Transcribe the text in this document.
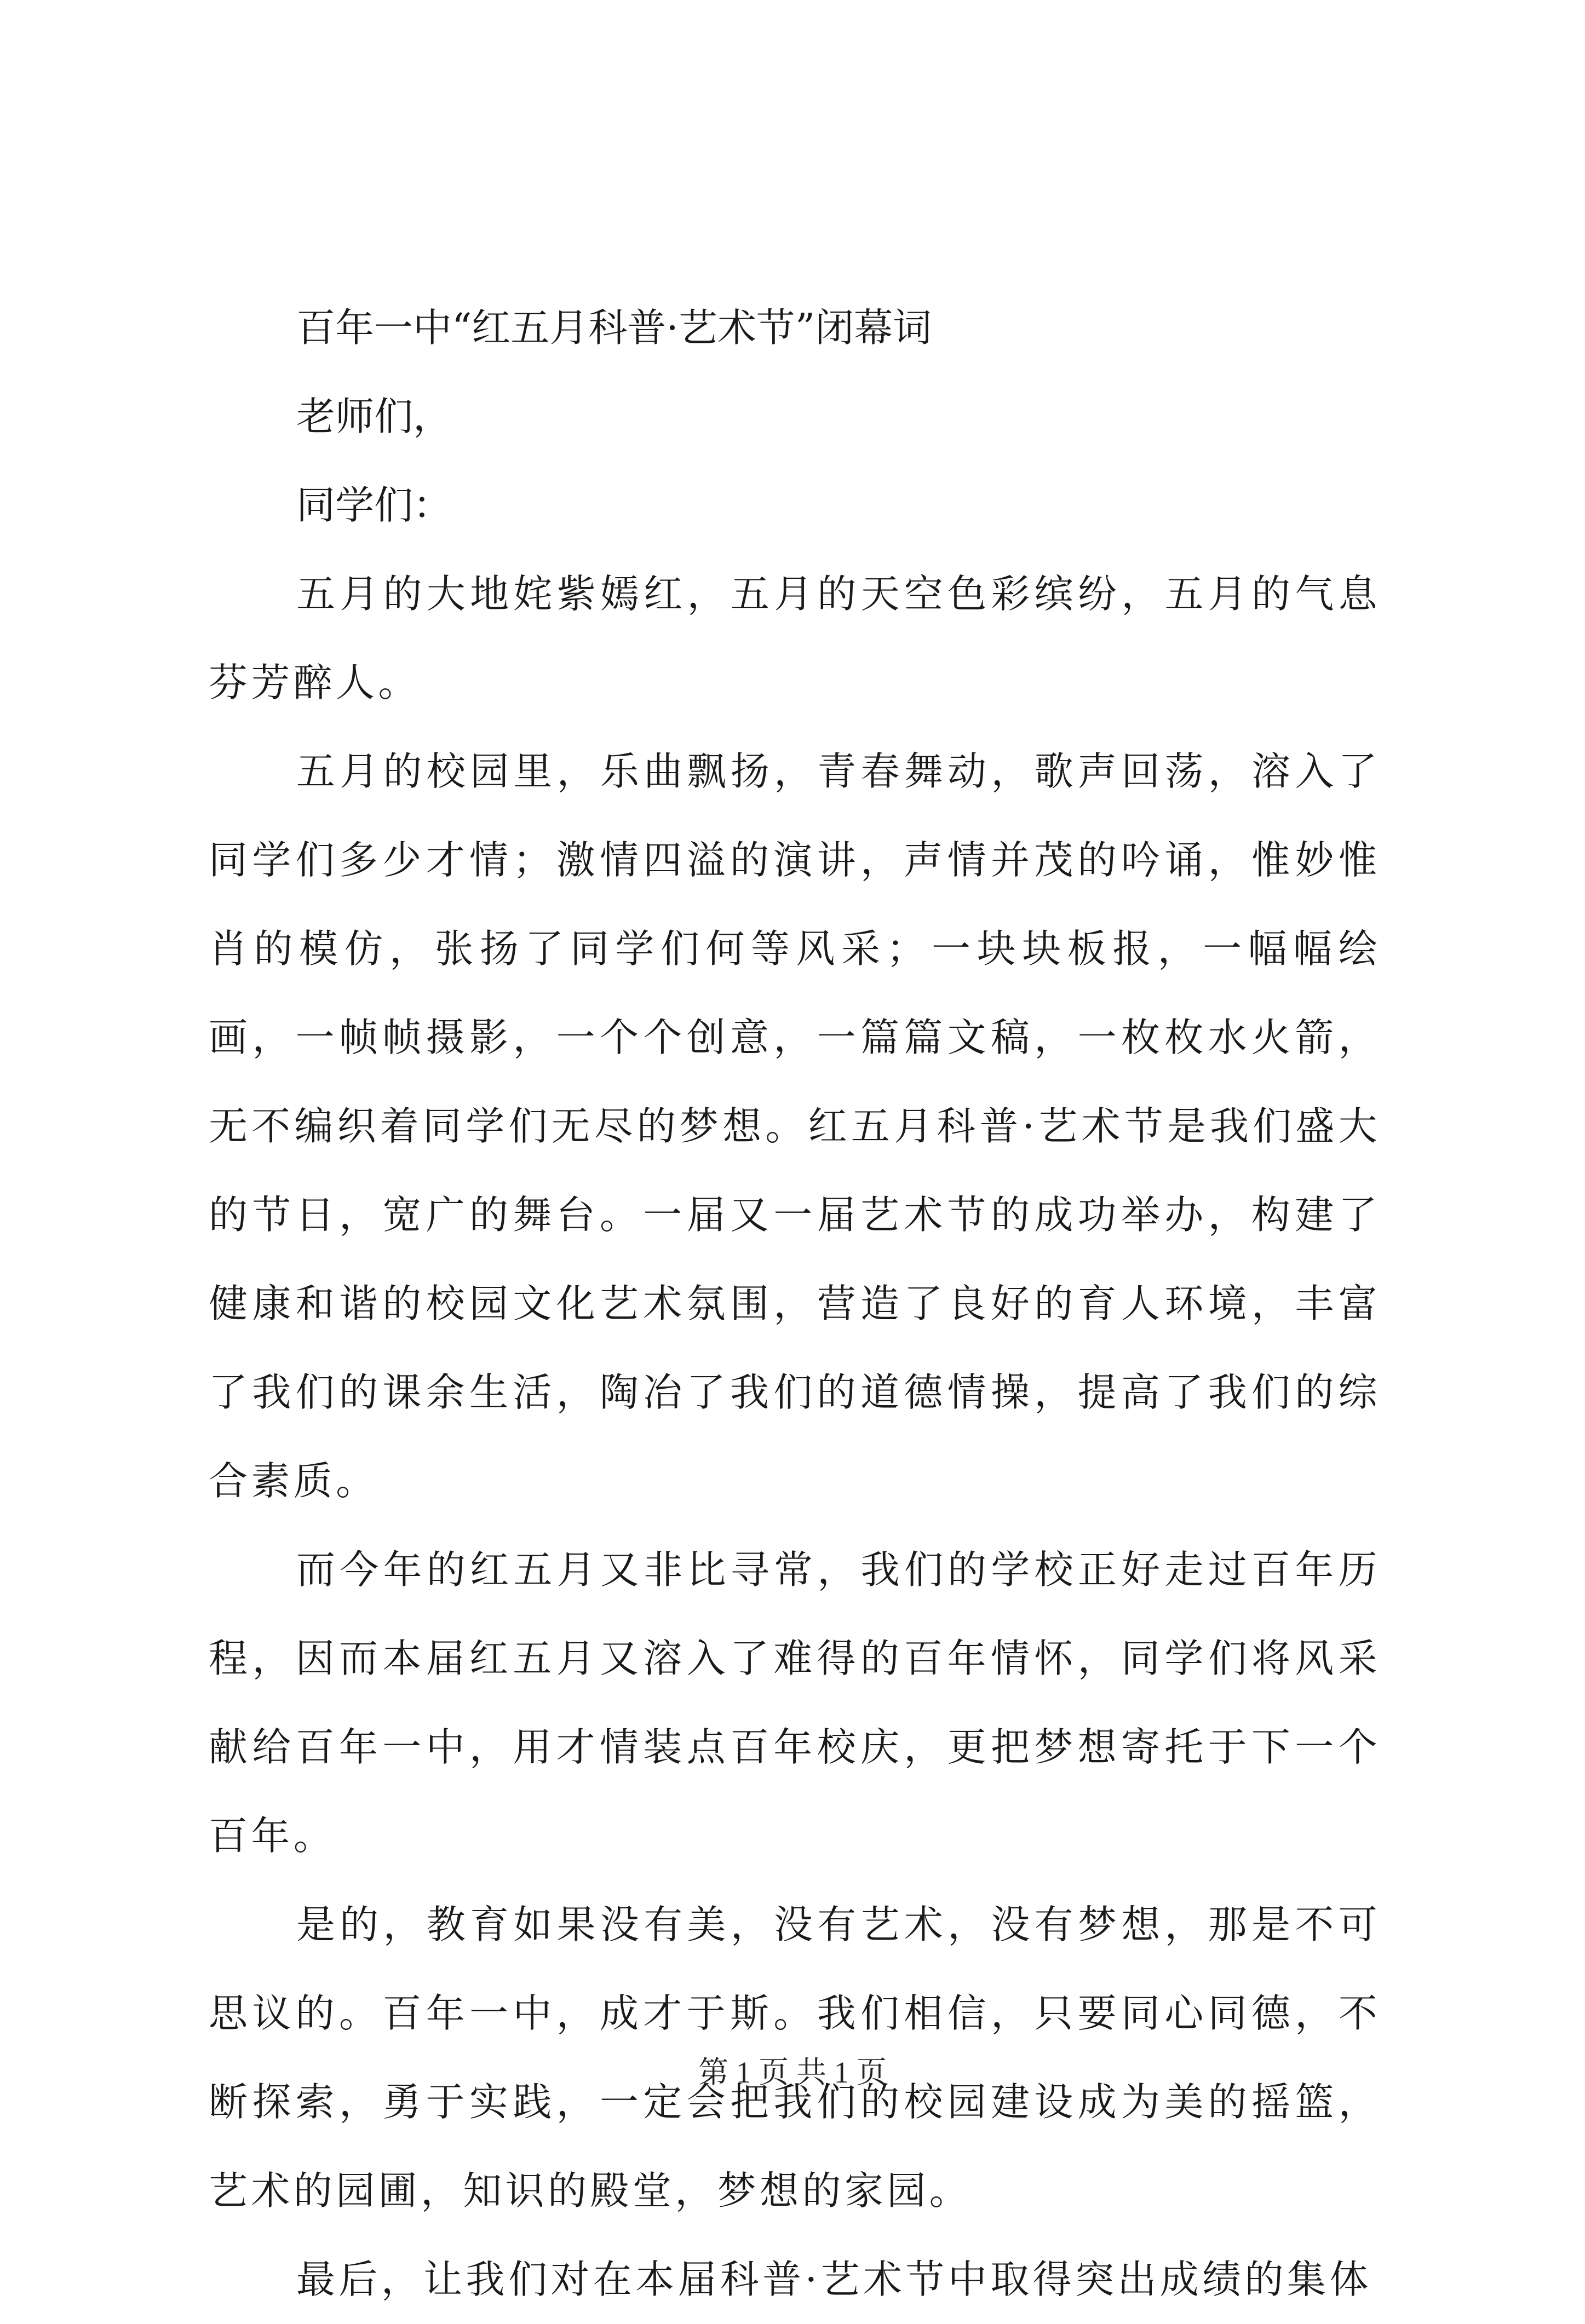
百年一中“红五月科普·艺术节”闭幕词

老师们，

同学们：

五月的大地姹紫嫣红，五月的天空色彩缤纷，五月的气息芬芳醉人。

五月的校园里，乐曲飘扬，青春舞动，歌声回荡，溶入了同学们多少才情；激情四溢的演讲，声情并茂的吟诵，惟妙惟肖的模仿，张扬了同学们何等风采；一块块板报，一幅幅绘画，一帧帧摄影，一个个创意，一篇篇文稿，一枚枚水火箭，无不编织着同学们无尽的梦想。红五月科普·艺术节是我们盛大的节日，宽广的舞台。一届又一届艺术节的成功举办，构建了健康和谐的校园文化艺术氛围，营造了良好的育人环境，丰富了我们的课余生活，陶冶了我们的道德情操，提高了我们的综合素质。

而今年的红五月又非比寻常，我们的学校正好走过百年历程，因而本届红五月又溶入了难得的百年情怀，同学们将风采献给百年一中，用才情装点百年校庆，更把梦想寄托于下一个百年。

是的，教育如果没有美，没有艺术，没有梦想，那是不可思议的。百年一中，成才于斯。我们相信，只要同心同德，不断探索，勇于实践，一定会把我们的校园建设成为美的摇篮，艺术的园圃，知识的殿堂，梦想的家园。

最后，让我们对在本届科普·艺术节中取得突出成绩的集体

第 1 页 共 1 页
